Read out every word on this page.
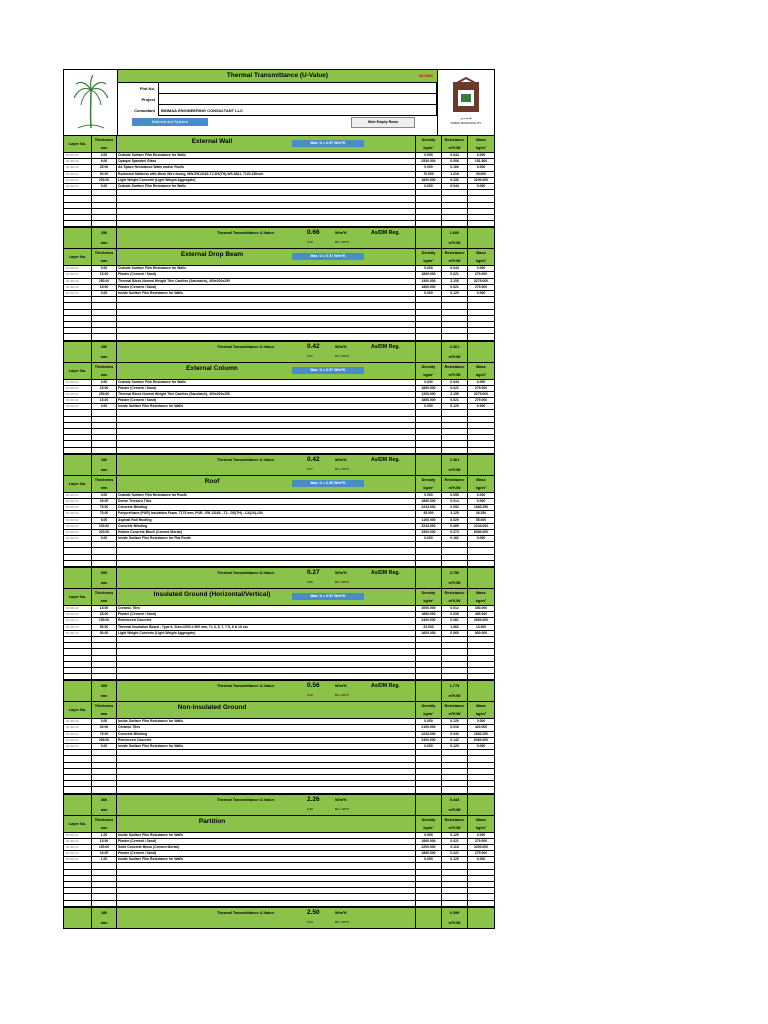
Thermal Transmittance (U-Value)	CE-U001
Plot No.
Project
Consultant	BINMAA ENGINEERING CONSULTANT LLC
Materials and Systems	Hide Empty Rows
بلدية دبي
DUBAI MUNICIPALITY
Layer No.
Thickness
mm
External Wall	Max. U = 0.57 W/m²K
Density
kg/m³
Resistance
m²K/W
Mass
kg/m²
00.000.00	0.00	Outside Surface Film Resistance for Walls	0.000	0.044	0.000
00.000.00	6.00	Opaque Spandrel Glass	2530.000	0.006	151.800
00.000.00	25.00	Air Space Resistance Walls and/or Roofs	0.000	0.160	0.000
00.000.00	50.00	Rockwool Mattress with Mesh Wire facing, MW-EN13162-T2-DS(TH)-WS-MU1, 7120-150mm	70.000	1.216	35.000
00.000.00	200.00	Light Weight Concrete (Light Weight Aggregate)	1600.000	0.230	3200.000
00.000.00	0.00	Outside Surface Film Resistance for Walls	0.000	0.044	0.000
256
mm
Thermal Transmittance U-Value:	0.66	W/m²K	As/DM Reg.
0.10	Btu / ft²h°F
1.600
m²K/W
Layer No.
Thickness
mm
External Drop Beam	Max. U = 0.57 W/m²K
Density
kg/m³
Resistance
m²K/W
Mass
kg/m²
00.000.00	0.00	Outside Surface Film Resistance for Walls	0.000	0.044	0.000
00.000.00	15.00	Plaster (Cement / Sand)	1860.000	0.021	279.000
00.000.00	250.00	Thermal Block Normal Weight Thin Cavities (Sandwich), 400x200x250	1300.000	2.155	3275.000
00.000.00	15.00	Plaster (Cement / Sand)	1860.000	0.021	279.000
00.000.00	0.00	Inside Surface Film Resistance for Walls	0.000	0.120	0.000
280
mm
Thermal Transmittance U-Value:	0.42	W/m²K	As/DM Reg.
0.07	Btu / ft²h°F
2.361
m²K/W
Layer No.
Thickness
mm
External Column	Max. U = 0.57 W/m²K
Density
kg/m³
Resistance
m²K/W
Mass
kg/m²
00.000.00	0.00	Outside Surface Film Resistance for Walls	0.000	0.044	0.000
00.000.00	15.00	Plaster (Cement / Sand)	1860.000	0.021	279.000
00.000.00	250.00	Thermal Block Normal Weight Thin Cavities (Sandwich), 400x200x250	1300.000	2.155	3275.000
00.000.00	15.00	Plaster (Cement / Sand)	1860.000	0.021	279.000
00.000.00	0.00	Inside Surface Film Resistance for Walls	0.000	0.120	0.000
280
mm
Thermal Transmittance U-Value:	0.42	W/m²K	As/DM Reg.
0.07	Btu / ft²h°F
2.361
m²K/W
Layer No.
Thickness
mm
Roof	Max. U = 0.30 W/m²K
Density
kg/m³
Resistance
m²K/W
Mass
kg/m²
00.000.00	0.00	Outside Surface Film Resistance for Roofs	0.000	0.055	0.000
00.000.00	25.00	Dense Terrazzo Tiles	1860.000	0.014	0.000
00.000.00	75.00	Concrete Blinding	2243.000	0.052	1682.250
00.000.00	75.00	Polyurethane (PUR) Insulation Foam, T175 mm, PUR - EN 13165 - T2 - DS(TH) - CA(10)-130	35.000	3.125	26.250
00.000.00	5.00	Asphalt Roll Roofing	1100.000	0.029	55.000
00.000.00	100.00	Concrete Blinding	2243.000	0.069	2243.000
00.000.00	320.00	Hollow Concrete Block (Cement Mortar)	1900.000	0.273	6080.000
00.000.00	0.00	Inside Surface Film Resistance for Flat Roofs	0.000	0.162	0.000
600
mm
Thermal Transmittance U-Value:	0.27	W/m²K	As/DM Reg.
0.05	Btu / ft²h°F
3.750
m²K/W
Layer No.
Thickness
mm
Insulated Ground (Horizontal/Vertical)	Max. U = 0.57 W/m²K
Density
kg/m³
Resistance
m²K/W
Mass
kg/m²
00.000.20	15.00	Ceramic Tiles	2000.000	0.012	300.000
00.000.20	25.00	Plaster (Cement / Sand)	1860.000	0.035	465.000
00.000.17	150.00	Reinforced Concrete	2400.000	0.061	3600.000
00.043.00	50.00	Thermal Insulation Board - Type 6, Size=1000 x 500 mm, T= 3, 5, 7, 7.5, 8 & 10 cm	22.000	1.562	13.200
00.000.10	50.00	Light Weight Concrete (Light Weight Aggregate)	1600.000	0.060	800.000
300
mm
Thermal Transmittance U-Value:	0.56	W/m²K	As/DM Reg.
0.10	Btu / ft²h°F
1.779
m²K/W
Layer No.
Thickness
mm
Non-insulated Ground	Density
kg/m³
Resistance
m²K/W
Mass
kg/m²
00.000.00	0.00	Inside Surface Film Resistance for Walls	0.000	0.120	0.000
00.000.00	20.00	Ceramic Tiles	2100.000	0.016	420.000
00.000.00	75.00	Concrete Blinding	2243.000	0.043	1682.250
00.000.00	265.00	Reinforced Concrete	2400.000	0.142	6360.000
00.000.00	0.00	Inside Surface Film Resistance for Walls	0.000	0.120	0.000
360
mm
Thermal Transmittance U-Value:	2.26	W/m²K
0.40	Btu / ft²h°F
0.443
m²K/W
Layer No.
Thickness
mm
Partition	Density
kg/m³
Resistance
m²K/W
Mass
kg/m²
00.000.01	1.00	Inside Surface Film Resistance for Walls	0.000	0.120	0.000
00.000.20	15.00	Plaster (Cement / Sand)	1860.000	0.021	279.000
00.000.21	150.00	Solid Concrete Block (Cement Mortar)	2200.000	0.118	3300.000
00.000.20	15.00	Plaster (Cement / Sand)	1860.000	0.021	279.000
00.000.01	1.00	Inside Surface Film Resistance for Walls	0.000	0.120	0.000
180
mm
Thermal Transmittance U-Value:	2.50	W/m²K
0.44	Btu / ft²h°F
0.399
m²K/W
